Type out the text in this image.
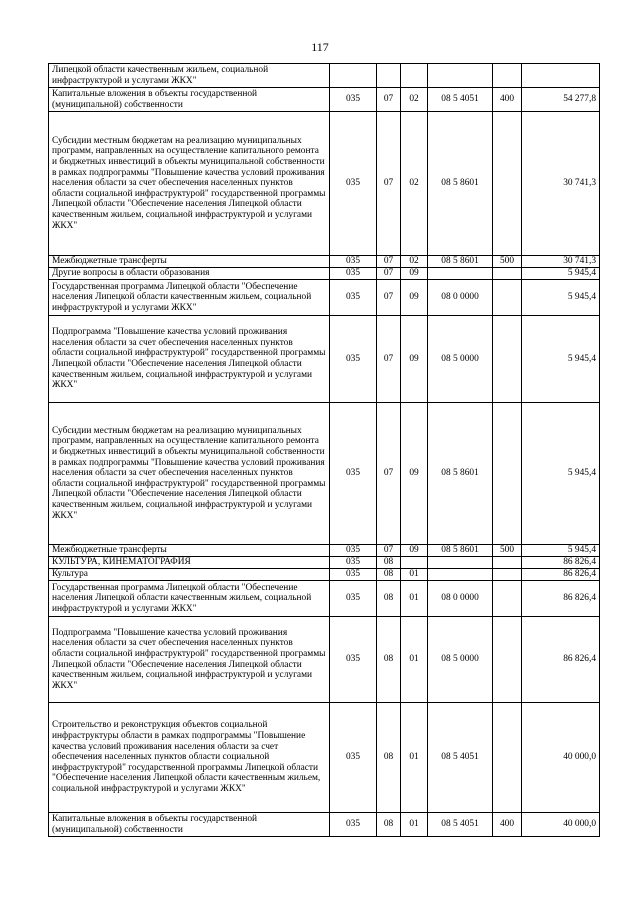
117
Липецкой области качественным жильем, социальной инфраструктурой и услугами ЖКХ"						
Капитальные вложения в объекты государственной (муниципальной) собственности	035	07	02	08 5 4051	400	54 277,8
Субсидии местным бюджетам на реализацию муниципальных программ, направленных на осуществление капитального ремонта и бюджетных инвестиций в объекты муниципальной собственности в рамках подпрограммы "Повышение качества условий проживания населения области за счет обеспечения населенных пунктов области социальной инфраструктурой" государственной программы Липецкой области "Обеспечение населения Липецкой области качественным жильем, социальной инфраструктурой и услугами ЖКХ"	035	07	02	08 5 8601		30 741,3
Межбюджетные трансферты	035	07	02	08 5 8601	500	30 741,3
Другие вопросы в области образования	035	07	09			5 945,4
Государственная программа Липецкой области "Обеспечение населения Липецкой области качественным жильем, социальной инфраструктурой и услугами ЖКХ"	035	07	09	08 0 0000		5 945,4
Подпрограмма "Повышение качества условий проживания населения области за счет обеспечения населенных пунктов области социальной инфраструктурой" государственной программы Липецкой области "Обеспечение населения Липецкой области качественным жильем, социальной инфраструктурой и услугами ЖКХ"	035	07	09	08 5 0000		5 945,4
Субсидии местным бюджетам на реализацию муниципальных программ, направленных на осуществление капитального ремонта и бюджетных инвестиций в объекты муниципальной собственности в рамках подпрограммы "Повышение качества условий проживания населения области за счет обеспечения населенных пунктов области социальной инфраструктурой" государственной программы Липецкой области "Обеспечение населения Липецкой области качественным жильем, социальной инфраструктурой и услугами ЖКХ"	035	07	09	08 5 8601		5 945,4
Межбюджетные трансферты	035	07	09	08 5 8601	500	5 945,4
КУЛЬТУРА, КИНЕМАТОГРАФИЯ	035	08				86 826,4
Культура	035	08	01			86 826,4
Государственная программа Липецкой области "Обеспечение населения Липецкой области качественным жильем, социальной инфраструктурой и услугами ЖКХ"	035	08	01	08 0 0000		86 826,4
Подпрограмма "Повышение качества условий проживания населения области за счет обеспечения населенных пунктов области социальной инфраструктурой" государственной программы Липецкой области "Обеспечение населения Липецкой области качественным жильем, социальной инфраструктурой и услугами ЖКХ"	035	08	01	08 5 0000		86 826,4
Строительство и реконструкция объектов социальной инфраструктуры области в рамках подпрограммы "Повышение качества условий проживания населения области за счет обеспечения населенных пунктов области социальной инфраструктурой" государственной программы Липецкой области "Обеспечение населения Липецкой области качественным жильем, социальной инфраструктурой и услугами ЖКХ"	035	08	01	08 5 4051		40 000,0
Капитальные вложения в объекты государственной (муниципальной) собственности	035	08	01	08 5 4051	400	40 000,0
